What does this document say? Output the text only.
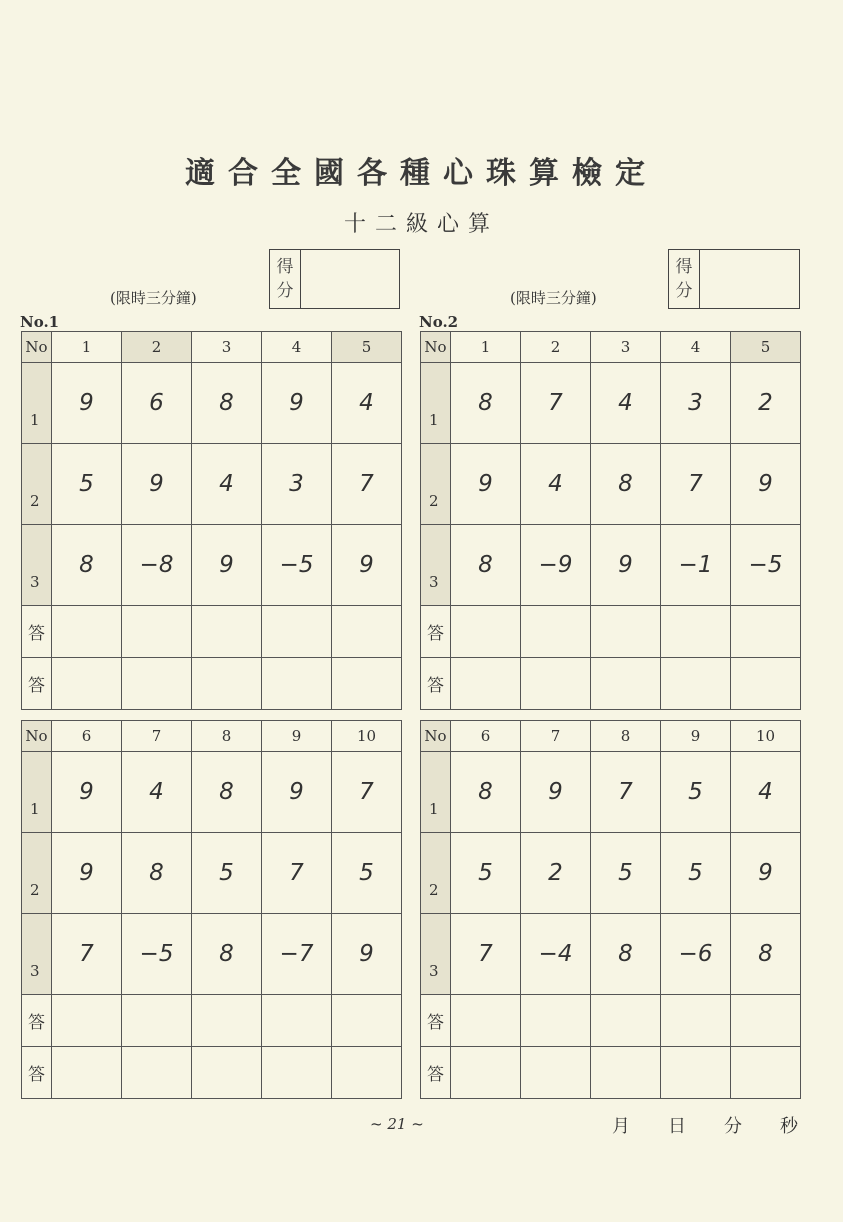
適合全國各種心珠算檢定
十二級心算
(限時三分鐘)
得
分
No.1
(限時三分鐘)
得
分
No.2
No	1	2	3	4	5
1	9	6	8	9	4
2	5	9	4	3	7
3	8	−8	9	−5	9
答					
答					
No	1	2	3	4	5
1	8	7	4	3	2
2	9	4	8	7	9
3	8	−9	9	−1	−5
答					
答					
No	6	7	8	9	10
1	9	4	8	9	7
2	9	8	5	7	5
3	7	−5	8	−7	9
答					
答					
No	6	7	8	9	10
1	8	9	7	5	4
2	5	2	5	5	9
3	7	−4	8	−6	8
答					
答					
~ 21 ~	月 日 分 秒
